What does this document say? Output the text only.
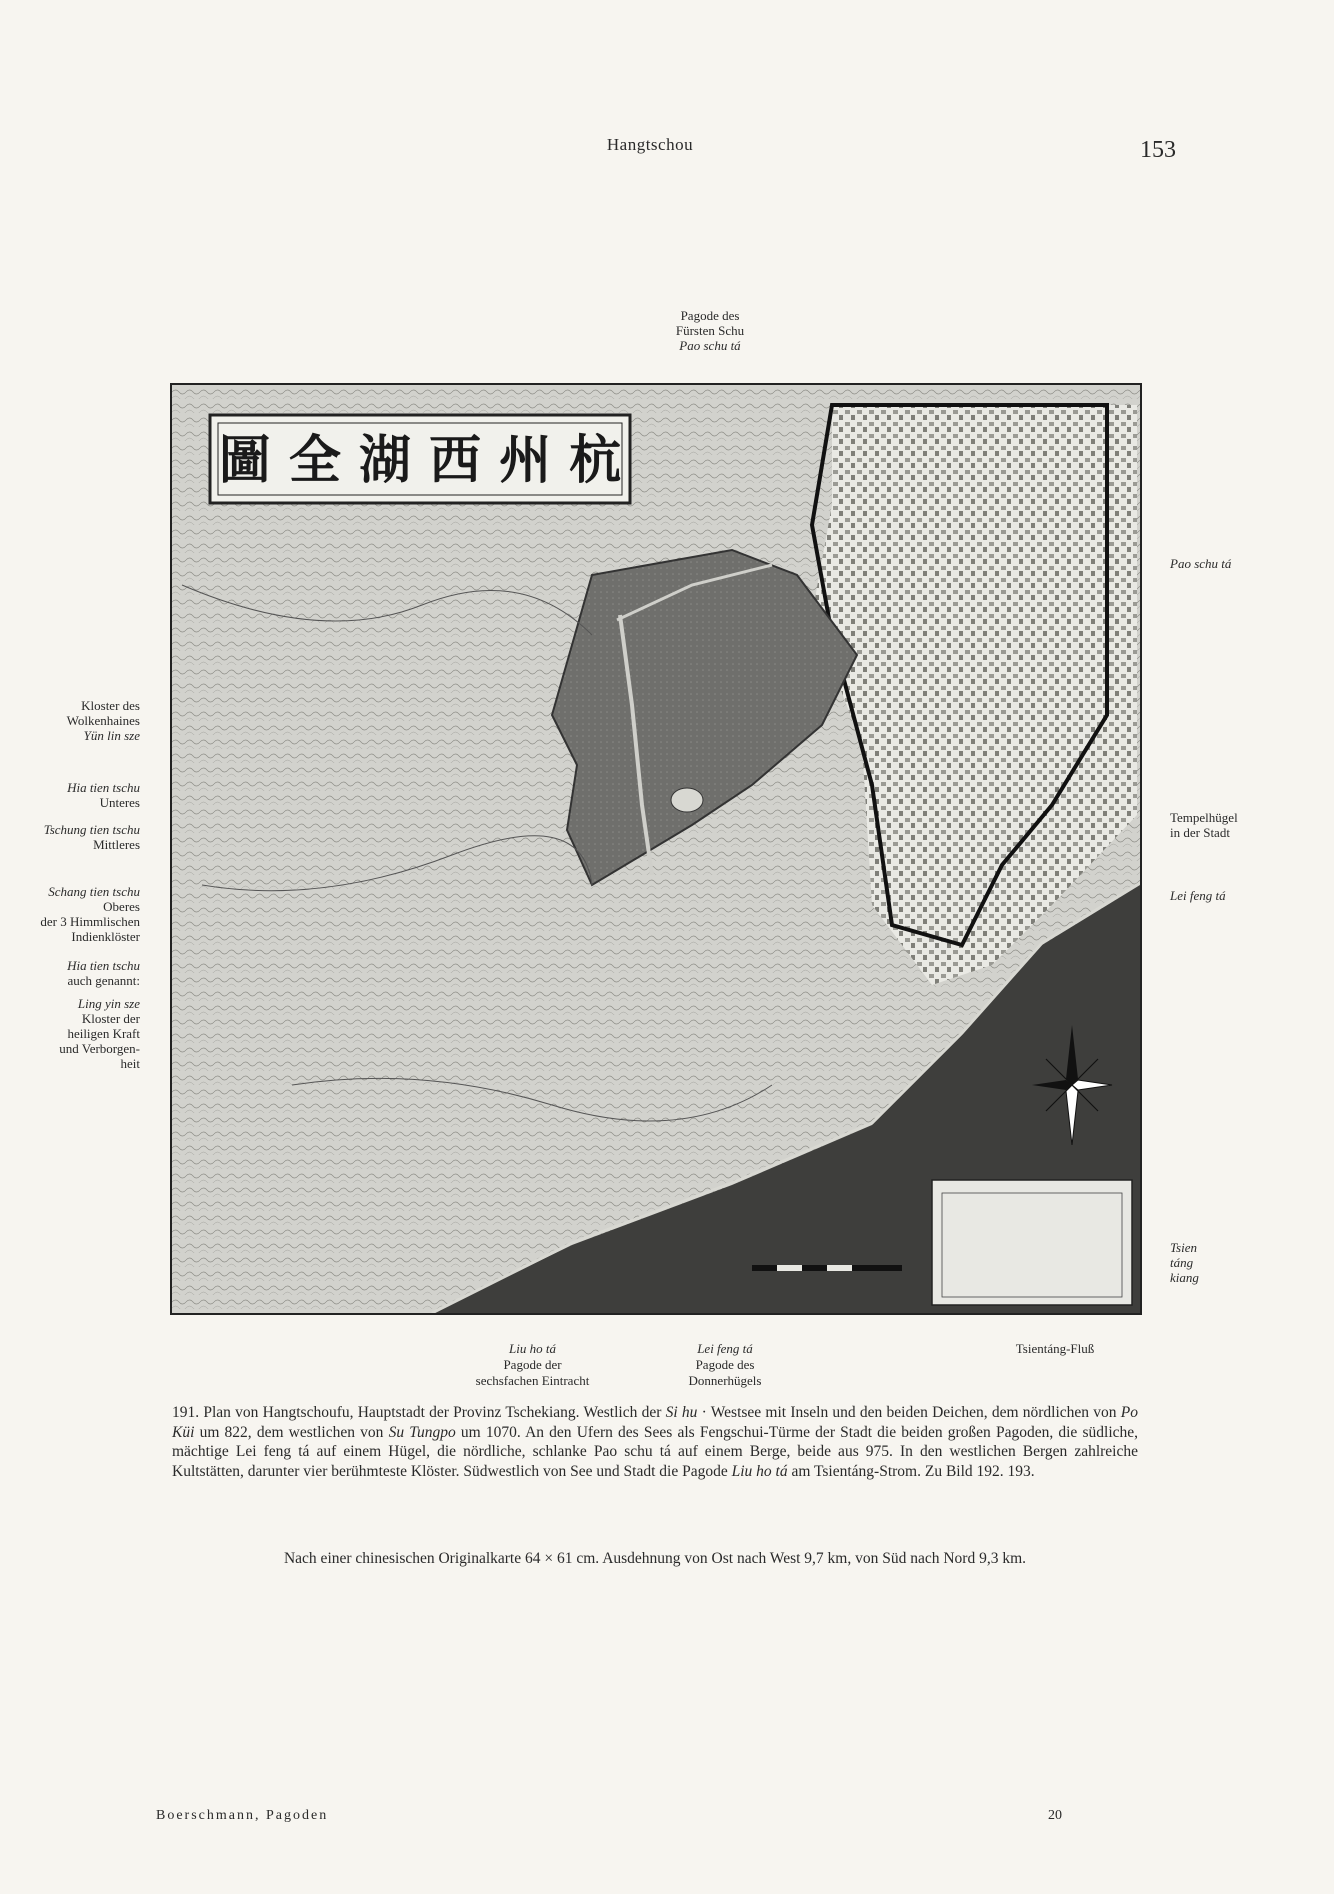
Hangtschou	153
Pagode des
Fürsten Schu
Pao schu tá
Kloster des
Wolkenhaines
Yün lin sze
Hia tien tschu
Unteres
Tschung tien tschu
Mittleres
Schang tien tschu
Oberes
der 3 Himmlischen
Indienklöster
Hia tien tschu
auch genannt:
Ling yin sze
Kloster der
heiligen Kraft
und Verborgen-
heit
Pao schu tá
Tempelhügel
in der Stadt
Lei feng tá
Tsien
táng
kiang
圖 全 湖 西 州 杭
Liu ho tá
Pagode der
sechsfachen Eintracht
Lei feng tá
Pagode des
Donnerhügels
Tsientáng-Fluß
191. Plan von Hangtschoufu, Hauptstadt der Provinz Tschekiang. Westlich der Si hu · Westsee mit Inseln und den beiden Deichen, dem nördlichen von Po Küi um 822, dem westlichen von Su Tungpo um 1070. An den Ufern des Sees als Fengschui-Türme der Stadt die beiden großen Pagoden, die südliche, mächtige Lei feng tá auf einem Hügel, die nördliche, schlanke Pao schu tá auf einem Berge, beide aus 975. In den westlichen Bergen zahlreiche Kultstätten, darunter vier berühmteste Klöster. Südwestlich von See und Stadt die Pagode Liu ho tá am Tsientáng-Strom. Zu Bild 192. 193.
Nach einer chinesischen Originalkarte 64 × 61 cm. Ausdehnung von Ost nach West 9,7 km, von Süd nach Nord 9,3 km.
Boerschmann, Pagoden	20
